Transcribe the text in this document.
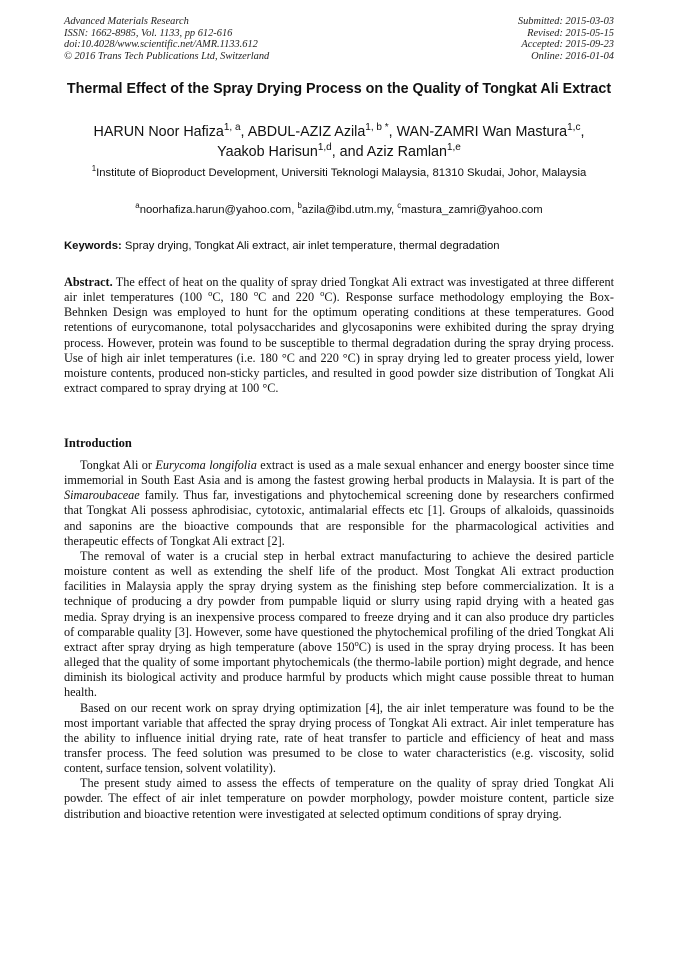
Advanced Materials Research
ISSN: 1662-8985, Vol. 1133, pp 612-616
doi:10.4028/www.scientific.net/AMR.1133.612
© 2016 Trans Tech Publications Ltd, Switzerland
Submitted: 2015-03-03
Revised: 2015-05-15
Accepted: 2015-09-23
Online: 2016-01-04
Thermal Effect of the Spray Drying Process on the Quality of Tongkat Ali Extract
HARUN Noor Hafiza$^{1, a}$, ABDUL-AZIZ Azila$^{1, b *}$, WAN-ZAMRI Wan Mastura$^{1,c}$,
Yaakob Harisun$^{1,d}$, and Aziz Ramlan$^{1,e}$
$^1$Institute of Bioproduct Development, Universiti Teknologi Malaysia, 81310 Skudai, Johor, Malaysia
$^a$noorhafiza.harun@yahoo.com, $^b$azila@ibd.utm.my, $^c$mastura_zamri@yahoo.com
Keywords: Spray drying, Tongkat Ali extract, air inlet temperature, thermal degradation
Abstract. The effect of heat on the quality of spray dried Tongkat Ali extract was investigated at three different air inlet temperatures (100 $^o$C, 180 $^o$C and 220 $^o$C). Response surface methodology employing the Box-Behnken Design was employed to hunt for the optimum operating conditions at these temperatures. Good retentions of eurycomanone, total polysaccharides and glycosaponins were exhibited during the spray drying process. However, protein was found to be susceptible to thermal degradation during the spray drying process. Use of high air inlet temperatures (i.e. 180 °C and 220 °C) in spray drying led to greater process yield, lower moisture contents, produced non-sticky particles, and resulted in good powder size distribution of Tongkat Ali extract compared to spray drying at 100 °C.
Introduction

Tongkat Ali or Eurycoma longifolia extract is used as a male sexual enhancer and energy booster since time immemorial in South East Asia and is among the fastest growing herbal products in Malaysia. It is part of the Simaroubaceae family. Thus far, investigations and phytochemical screening done by researchers confirmed that Tongkat Ali possess aphrodisiac, cytotoxic, antimalarial effects etc [1]. Groups of alkaloids, quassinoids and saponins are the bioactive compounds that are responsible for the pharmacological activities and therapeutic effects of Tongkat Ali extract [2].

The removal of water is a crucial step in herbal extract manufacturing to achieve the desired particle moisture content as well as extending the shelf life of the product. Most Tongkat Ali extract production facilities in Malaysia apply the spray drying system as the finishing step before commercialization. It is a technique of producing a dry powder from pumpable liquid or slurry using rapid drying with a heated gas media. Spray drying is an inexpensive process compared to freeze drying and it can also produce dry particles of comparable quality [3]. However, some have questioned the phytochemical profiling of the dried Tongkat Ali extract after spray drying as high temperature (above 150$^o$C) is used in the spray drying process. It has been alleged that the quality of some important phytochemicals (the thermo-labile portion) might degrade, and hence diminish its biological activity and produce harmful by products which might cause possible threat to human health.

Based on our recent work on spray drying optimization [4], the air inlet temperature was found to be the most important variable that affected the spray drying process of Tongkat Ali extract. Air inlet temperature has the ability to influence initial drying rate, rate of heat transfer to particle and efficiency of heat and mass transfer process. The feed solution was presumed to be close to water characteristics (e.g. viscosity, solid content, surface tension, solvent volatility).

The present study aimed to assess the effects of temperature on the quality of spray dried Tongkat Ali powder. The effect of air inlet temperature on powder morphology, powder moisture content, particle size distribution and bioactive retention were investigated at selected optimum conditions of spray drying.
